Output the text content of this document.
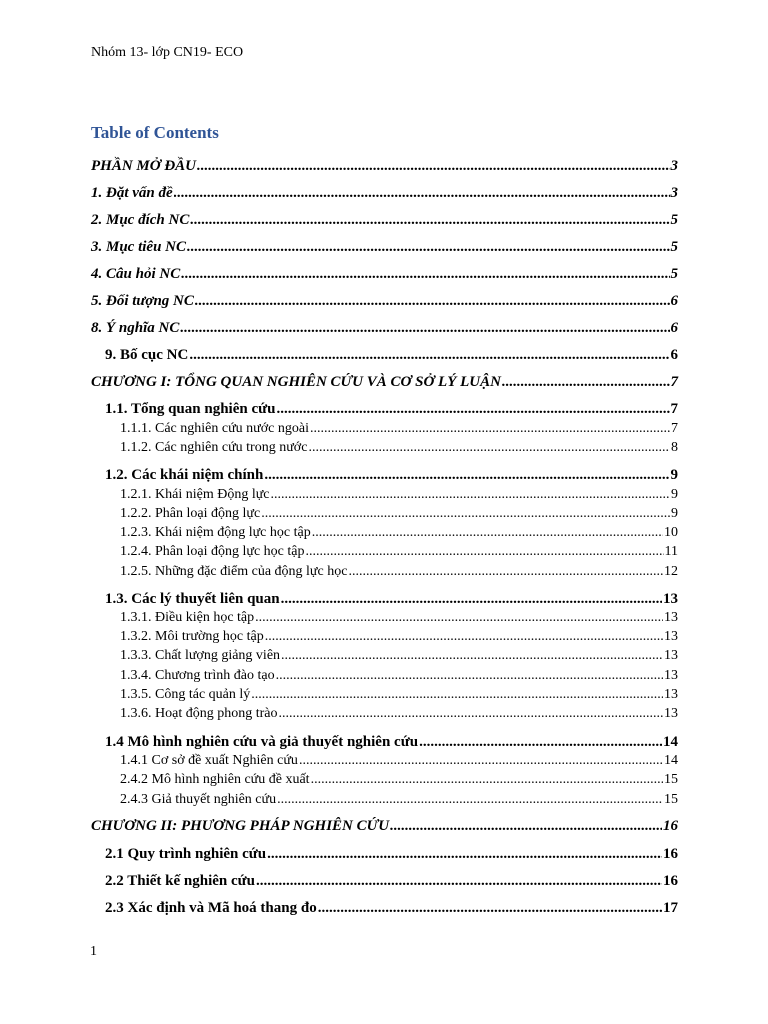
Nhóm 13- lớp CN19- ECO
Table of Contents
PHẦN MỞ ĐẦU .....	3
1. Đặt vấn đề .....	3
2. Mục đích NC .....	5
3. Mục tiêu NC .....	5
4. Câu hỏi NC .....	5
5. Đối tượng NC .....	6
8. Ý nghĩa NC .....	6
9. Bố cục NC .....	6
CHƯƠNG I: TỔNG QUAN NGHIÊN CỨU VÀ CƠ SỞ LÝ LUẬN .....	7
1.1. Tổng quan nghiên cứu .....	7
1.1.1. Các nghiên cứu nước ngoài .....	7
1.1.2. Các nghiên cứu trong nước .....	8
1.2. Các khái niệm chính .....	9
1.2.1. Khái niệm Động lực .....	9
1.2.2. Phân loại động lực .....	9
1.2.3. Khái niệm động lực học tập .....	10
1.2.4. Phân loại động lực học tập .....	11
1.2.5. Những đặc điểm của động lực học .....	12
1.3. Các lý thuyết liên quan .....	13
1.3.1. Điều kiện học tập .....	13
1.3.2. Môi trường học tập .....	13
1.3.3. Chất lượng giảng viên .....	13
1.3.4. Chương trình đào tạo .....	13
1.3.5. Công tác quản lý .....	13
1.3.6. Hoạt động phong trào .....	13
1.4 Mô hình nghiên cứu và giả thuyết nghiên cứu .....	14
1.4.1 Cơ sở đề xuất Nghiên cứu .....	14
2.4.2 Mô hình nghiên cứu đề xuất .....	15
2.4.3 Giả thuyết nghiên cứu .....	15
CHƯƠNG II: PHƯƠNG PHÁP NGHIÊN CỨU .....	16
2.1 Quy trình nghiên cứu .....	16
2.2 Thiết kế nghiên cứu .....	16
2.3 Xác định và Mã hoá thang đo .....	17
1
